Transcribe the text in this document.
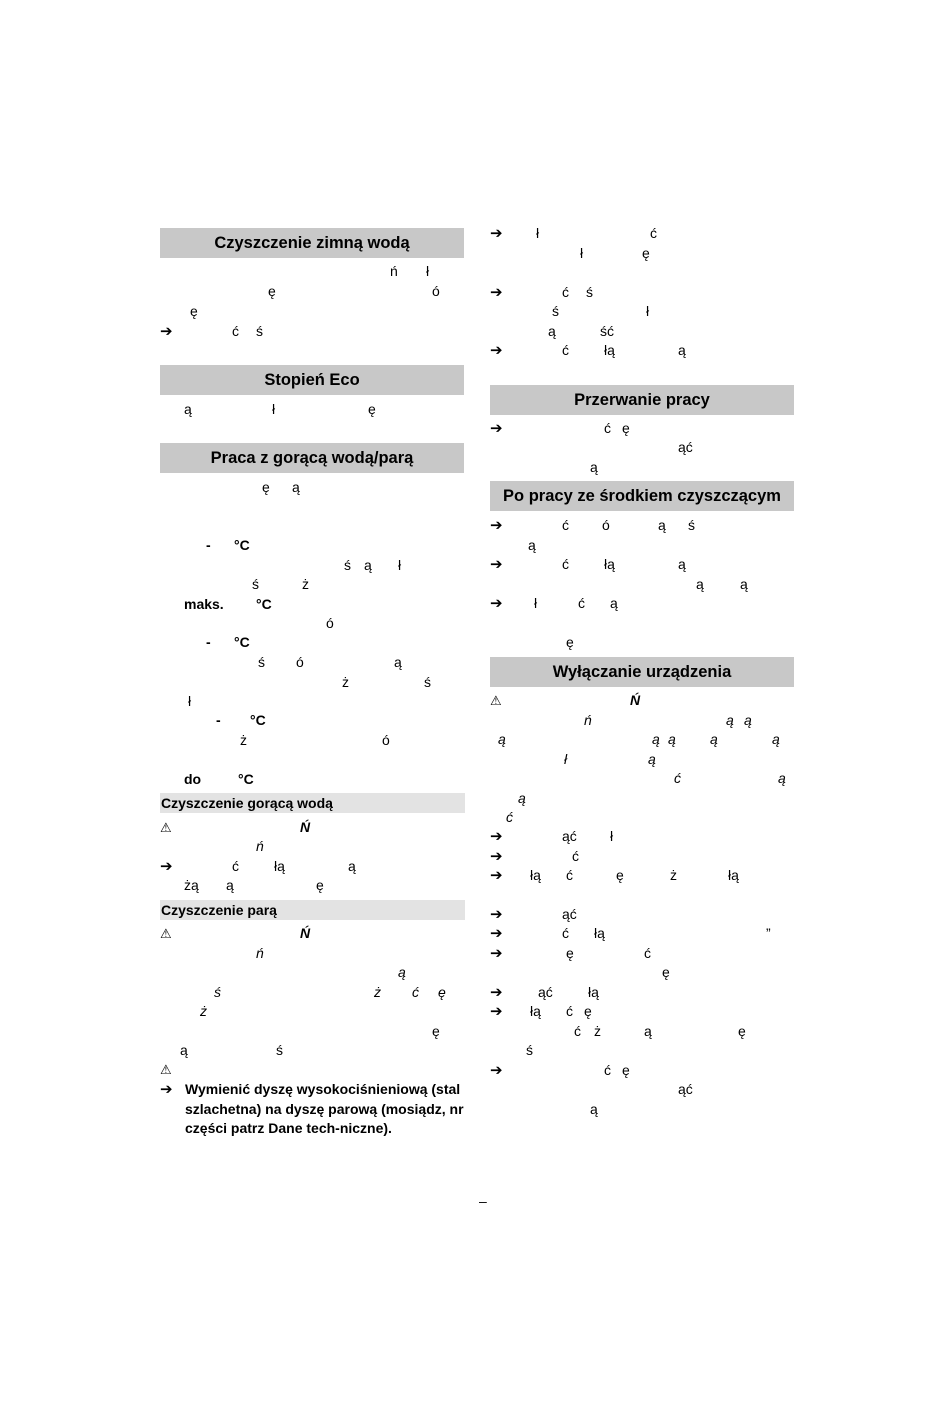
Czyszczenie zimną wodą
ń ł
ę	ó
ę
➔	ć ś
Stopień Eco
ą	ł	ę
Praca z gorącą wodą/parą
ę ą
- °C
ś ą ł
ś	ż
maks. °C
ó
- °C
ś ó	ą
ż	ś
ł
- °C
ż	ó
do	°C
Czyszczenie gorącą wodą
⚠	Ń
ń
➔	ć	łą	ą
żą ą	ę
Czyszczenie parą
⚠	Ń
ń
ą
ś	ż ć ę
ż
ę
ą	ś
⚠
➔ Wymienić dyszę wysokociśnieniową (stal szlachetna) na dyszę parową (mosiądz, nr części patrz Dane tech-niczne).
➔	ł	ć
ł	ę
➔	ć ś
ś	ł
ą	ść
➔	ć	łą	ą
Przerwanie pracy
➔	ć ę
ąć
ą
Po pracy ze środkiem czyszczącym
➔	ć ó	ą ś
ą
➔	ć	łą	ą
ą	ą
➔	ł	ć ą
ę
Wyłączanie urządzenia
⚠	Ń
ń	ą ą
ą	ą ą ą	ą
ł	ą
ć	ą
ą
ć
➔	ąć ł
➔	ć
➔	łą ć	ę	ż	łą
➔	ąć
➔	ć łą	”
➔	ę	ć
ę
➔	ąć	łą
➔	łą ć ę
ć ż	ą	ę
ś
➔	ć ę
ąć
ą
–
